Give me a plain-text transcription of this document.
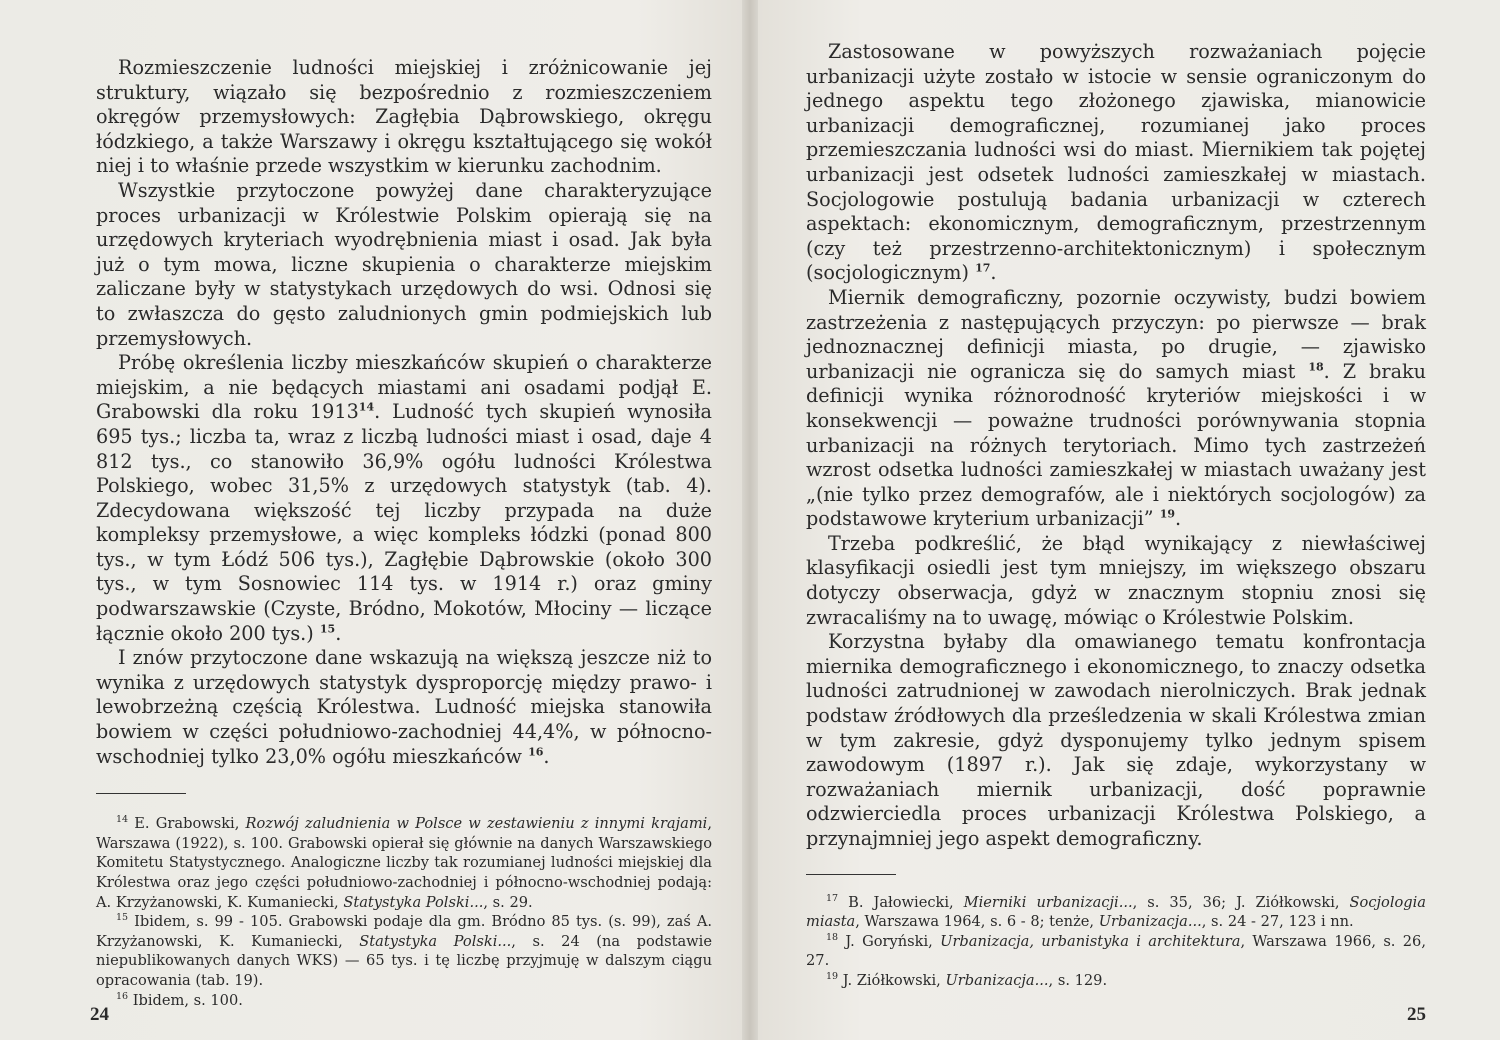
Rozmieszczenie ludności miejskiej i zróżnicowanie jej struktury, wiązało się bezpośrednio z rozmieszczeniem okręgów przemysłowych: Zagłębia Dąbrowskiego, okręgu łódzkiego, a także Warszawy i okręgu kształtującego się wokół niej i to właśnie przede wszystkim w kierunku zachodnim.

Wszystkie przytoczone powyżej dane charakteryzujące proces urbanizacji w Królestwie Polskim opierają się na urzędowych kryteriach wyodrębnienia miast i osad. Jak była już o tym mowa, liczne skupienia o charakterze miejskim zaliczane były w statystykach urzędowych do wsi. Odnosi się to zwłaszcza do gęsto zaludnionych gmin podmiejskich lub przemysłowych.

Próbę określenia liczby mieszkańców skupień o charakterze miejskim, a nie będących miastami ani osadami podjął E. Grabowski dla roku 1913$^{14}$. Ludność tych skupień wynosiła 695 tys.; liczba ta, wraz z liczbą ludności miast i osad, daje 4 812 tys., co stanowiło 36,9% ogółu ludności Królestwa Polskiego, wobec 31,5% z urzędowych statystyk (tab. 4). Zdecydowana większość tej liczby przypada na duże kompleksy przemysłowe, a więc kompleks łódzki (ponad 800 tys., w tym Łódź 506 tys.), Zagłębie Dąbrowskie (około 300 tys., w tym Sosnowiec 114 tys. w 1914 r.) oraz gminy podwarszawskie (Czyste, Bródno, Mokotów, Młociny — liczące łącznie około 200 tys.) $^{15}$.

I znów przytoczone dane wskazują na większą jeszcze niż to wynika z urzędowych statystyk dysproporcję między prawo- i lewobrzeżną częścią Królestwa. Ludność miejska stanowiła bowiem w części południowo-zachodniej 44,4%, w północno-wschodniej tylko 23,0% ogółu mieszkańców $^{16}$.

$^{14}$ E. Grabowski, Rozwój zaludnienia w Polsce w zestawieniu z innymi krajami, Warszawa (1922), s. 100. Grabowski opierał się głównie na danych Warszawskiego Komitetu Statystycznego. Analogiczne liczby tak rozumianej ludności miejskiej dla Królestwa oraz jego części południowo-zachodniej i północno-wschodniej podają: A. Krzyżanowski, K. Kumaniecki, Statystyka Polski..., s. 29.

$^{15}$ Ibidem, s. 99 - 105. Grabowski podaje dla gm. Bródno 85 tys. (s. 99), zaś A. Krzyżanowski, K. Kumaniecki, Statystyka Polski..., s. 24 (na podstawie niepublikowanych danych WKS) — 65 tys. i tę liczbę przyjmuję w dalszym ciągu opracowania (tab. 19).

$^{16}$ Ibidem, s. 100.

24

Zastosowane w powyższych rozważaniach pojęcie urbanizacji użyte zostało w istocie w sensie ograniczonym do jednego aspektu tego złożonego zjawiska, mianowicie urbanizacji demograficznej, rozumianej jako proces przemieszczania ludności wsi do miast. Miernikiem tak pojętej urbanizacji jest odsetek ludności zamieszkałej w miastach. Socjologowie postulują badania urbanizacji w czterech aspektach: ekonomicznym, demograficznym, przestrzennym (czy też przestrzenno-architektonicznym) i społecznym (socjologicznym) $^{17}$.

Miernik demograficzny, pozornie oczywisty, budzi bowiem zastrzeżenia z następujących przyczyn: po pierwsze — brak jednoznacznej definicji miasta, po drugie, — zjawisko urbanizacji nie ogranicza się do samych miast $^{18}$. Z braku definicji wynika różnorodność kryteriów miejskości i w konsekwencji — poważne trudności porównywania stopnia urbanizacji na różnych terytoriach. Mimo tych zastrzeżeń wzrost odsetka ludności zamieszkałej w miastach uważany jest „(nie tylko przez demografów, ale i niektórych socjologów) za podstawowe kryterium urbanizacji” $^{19}$.

Trzeba podkreślić, że błąd wynikający z niewłaściwej klasyfikacji osiedli jest tym mniejszy, im większego obszaru dotyczy obserwacja, gdyż w znacznym stopniu znosi się zwracaliśmy na to uwagę, mówiąc o Królestwie Polskim.

Korzystna byłaby dla omawianego tematu konfrontacja miernika demograficznego i ekonomicznego, to znaczy odsetka ludności zatrudnionej w zawodach nierolniczych. Brak jednak podstaw źródłowych dla prześledzenia w skali Królestwa zmian w tym zakresie, gdyż dysponujemy tylko jednym spisem zawodowym (1897 r.). Jak się zdaje, wykorzystany w rozważaniach miernik urbanizacji, dość poprawnie odzwierciedla proces urbanizacji Królestwa Polskiego, a przynajmniej jego aspekt demograficzny.

$^{17}$ B. Jałowiecki, Mierniki urbanizacji..., s. 35, 36; J. Ziółkowski, Socjologia miasta, Warszawa 1964, s. 6 - 8; tenże, Urbanizacja..., s. 24 - 27, 123 i nn.

$^{18}$ J. Goryński, Urbanizacja, urbanistyka i architektura, Warszawa 1966, s. 26, 27.

$^{19}$ J. Ziółkowski, Urbanizacja..., s. 129.

25
